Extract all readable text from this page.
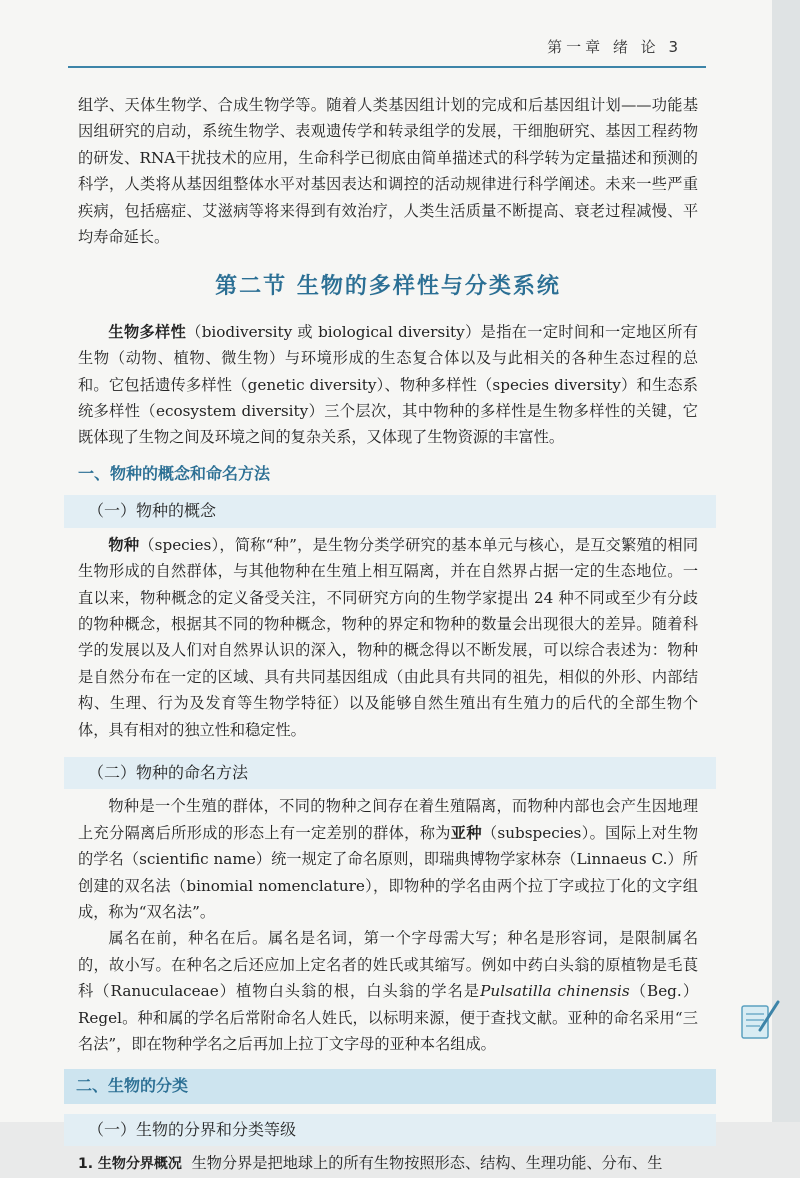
第一章 绪 论 3

组学、天体生物学、合成生物学等。随着人类基因组计划的完成和后基因组计划——功能基因组研究的启动，系统生物学、表观遗传学和转录组学的发展，干细胞研究、基因工程药物的研发、RNA干扰技术的应用，生命科学已彻底由简单描述式的科学转为定量描述和预测的科学，人类将从基因组整体水平对基因表达和调控的活动规律进行科学阐述。未来一些严重疾病，包括癌症、艾滋病等将来得到有效治疗，人类生活质量不断提高、衰老过程减慢、平均寿命延长。

第二节 生物的多样性与分类系统

生物多样性（biodiversity 或 biological diversity）是指在一定时间和一定地区所有生物（动物、植物、微生物）与环境形成的生态复合体以及与此相关的各种生态过程的总和。它包括遗传多样性（genetic diversity）、物种多样性（species diversity）和生态系统多样性（ecosystem diversity）三个层次，其中物种的多样性是生物多样性的关键，它既体现了生物之间及环境之间的复杂关系，又体现了生物资源的丰富性。

一、物种的概念和命名方法
（一）物种的概念

物种（species），简称“种”，是生物分类学研究的基本单元与核心，是互交繁殖的相同生物形成的自然群体，与其他物种在生殖上相互隔离，并在自然界占据一定的生态地位。一直以来，物种概念的定义备受关注，不同研究方向的生物学家提出 24 种不同或至少有分歧的物种概念，根据其不同的物种概念，物种的界定和物种的数量会出现很大的差异。随着科学的发展以及人们对自然界认识的深入，物种的概念得以不断发展，可以综合表述为：物种是自然分布在一定的区域、具有共同基因组成（由此具有共同的祖先，相似的外形、内部结构、生理、行为及发育等生物学特征）以及能够自然生殖出有生殖力的后代的全部生物个体，具有相对的独立性和稳定性。

（二）物种的命名方法

物种是一个生殖的群体，不同的物种之间存在着生殖隔离，而物种内部也会产生因地理上充分隔离后所形成的形态上有一定差别的群体，称为亚种（subspecies）。国际上对生物的学名（scientific name）统一规定了命名原则，即瑞典博物学家林奈（Linnaeus C.）所创建的双名法（binomial nomenclature），即物种的学名由两个拉丁字或拉丁化的文字组成，称为“双名法”。

属名在前，种名在后。属名是名词，第一个字母需大写；种名是形容词，是限制属名的，故小写。在种名之后还应加上定名者的姓氏或其缩写。例如中药白头翁的原植物是毛茛科（Ranuculaceae）植物白头翁的根，白头翁的学名是Pulsatilla chinensis（Beg.）Regel。种和属的学名后常附命名人姓氏，以标明来源，便于查找文献。亚种的命名采用“三名法”，即在物种学名之后再加上拉丁文字母的亚种本名组成。

二、生物的分类
（一）生物的分界和分类等级

1. 生物分界概况 生物分界是把地球上的所有生物按照形态、结构、生理功能、分布、生
